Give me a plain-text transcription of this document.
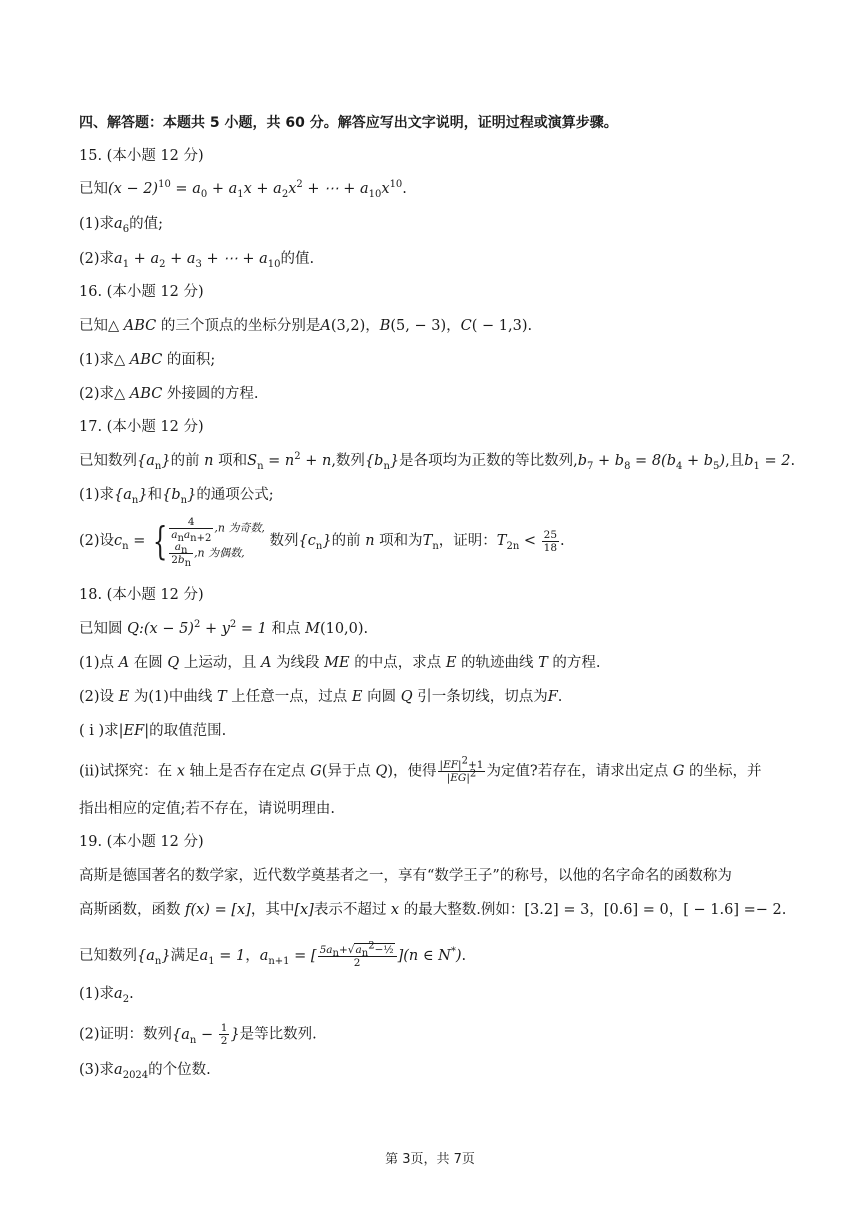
四、解答题：本题共 5 小题，共 60 分。解答应写出文字说明，证明过程或演算步骤。
15. (本小题 12 分)
已知$(x - 2)^{10} = a_0 + a_1x + a_2x^2$ + ⋯ + $a_{10}x^{10}$.
(1)求$a_6$的值;
(2)求$a_1 + a_2 + a_3$ + ⋯ + $a_{10}$的值.
16. (本小题 12 分)
已知△ ABC 的三个顶点的坐标分别是A(3,2)，B(5, − 3)，C( − 1,3).
(1)求△ ABC 的面积;
(2)求△ ABC 外接圆的方程.
17. (本小题 12 分)
已知数列$\{a_n\}$的前 n 项和$S_n = n^2 + n$,数列$\{b_n\}$是各项均为正数的等比数列$,b_7 + b_8 = 8(b_4 + b_5)$,且$b_1 = 2$.
(1)求$\{a_n\}$和$\{b_n\}$的通项公式;
(2)设$c_n$ = { $\frac{4}{a_na_{n+2}} ,n$ 为奇数,
$\frac{a_n}{2b_n} ,n$ 为偶数,
数列$\{c_n\}$的前 n 项和为$T_n$，证明：$T_{2n} < \frac{25}{18}$ .
18. (本小题 12 分)
已知圆 Q:(x − $5)^2 + y^2 = 1$ 和点 M(10,0).
(1)点 A 在圆 Q 上运动，且 A 为线段 ME 的中点，求点 E 的轨迹曲线 T 的方程.
(2)设 E 为(1)中曲线 T 上任意一点，过点 E 向圆 Q 引一条切线，切点为F.
( i )求|EF|的取值范围.
(ii)试探究：在 x 轴上是否存在定点 G(异于点 Q)，使得 $\frac{|EF|^2+1}{|EG|^2}$ 为定值?若存在，请求出定点 G 的坐标，并
指出相应的定值;若不存在，请说明理由.
19. (本小题 12 分)
高斯是德国著名的数学家，近代数学奠基者之一，享有“数学王子”的称号，以他的名字命名的函数称为
高斯函数，函数 f(x) = [x]，其中[x]表示不超过 x 的最大整数.例如：[3.2] = 3，[0.6] = 0，[ − 1.6] =− 2.
已知数列$\{a_n\}$满足$a_1 = 1$，$a_{n+1}$ = [ $\frac{5a_n+√a_n^2-\frac{1}{2}}{2} ](n$ ∈ N*).
(1)求$a_2$.
(2)证明：数列{$a_n - \frac{1}{2}$ }是等比数列.
(3)求$a_{2024}$的个位数.
第 3页，共 7页
